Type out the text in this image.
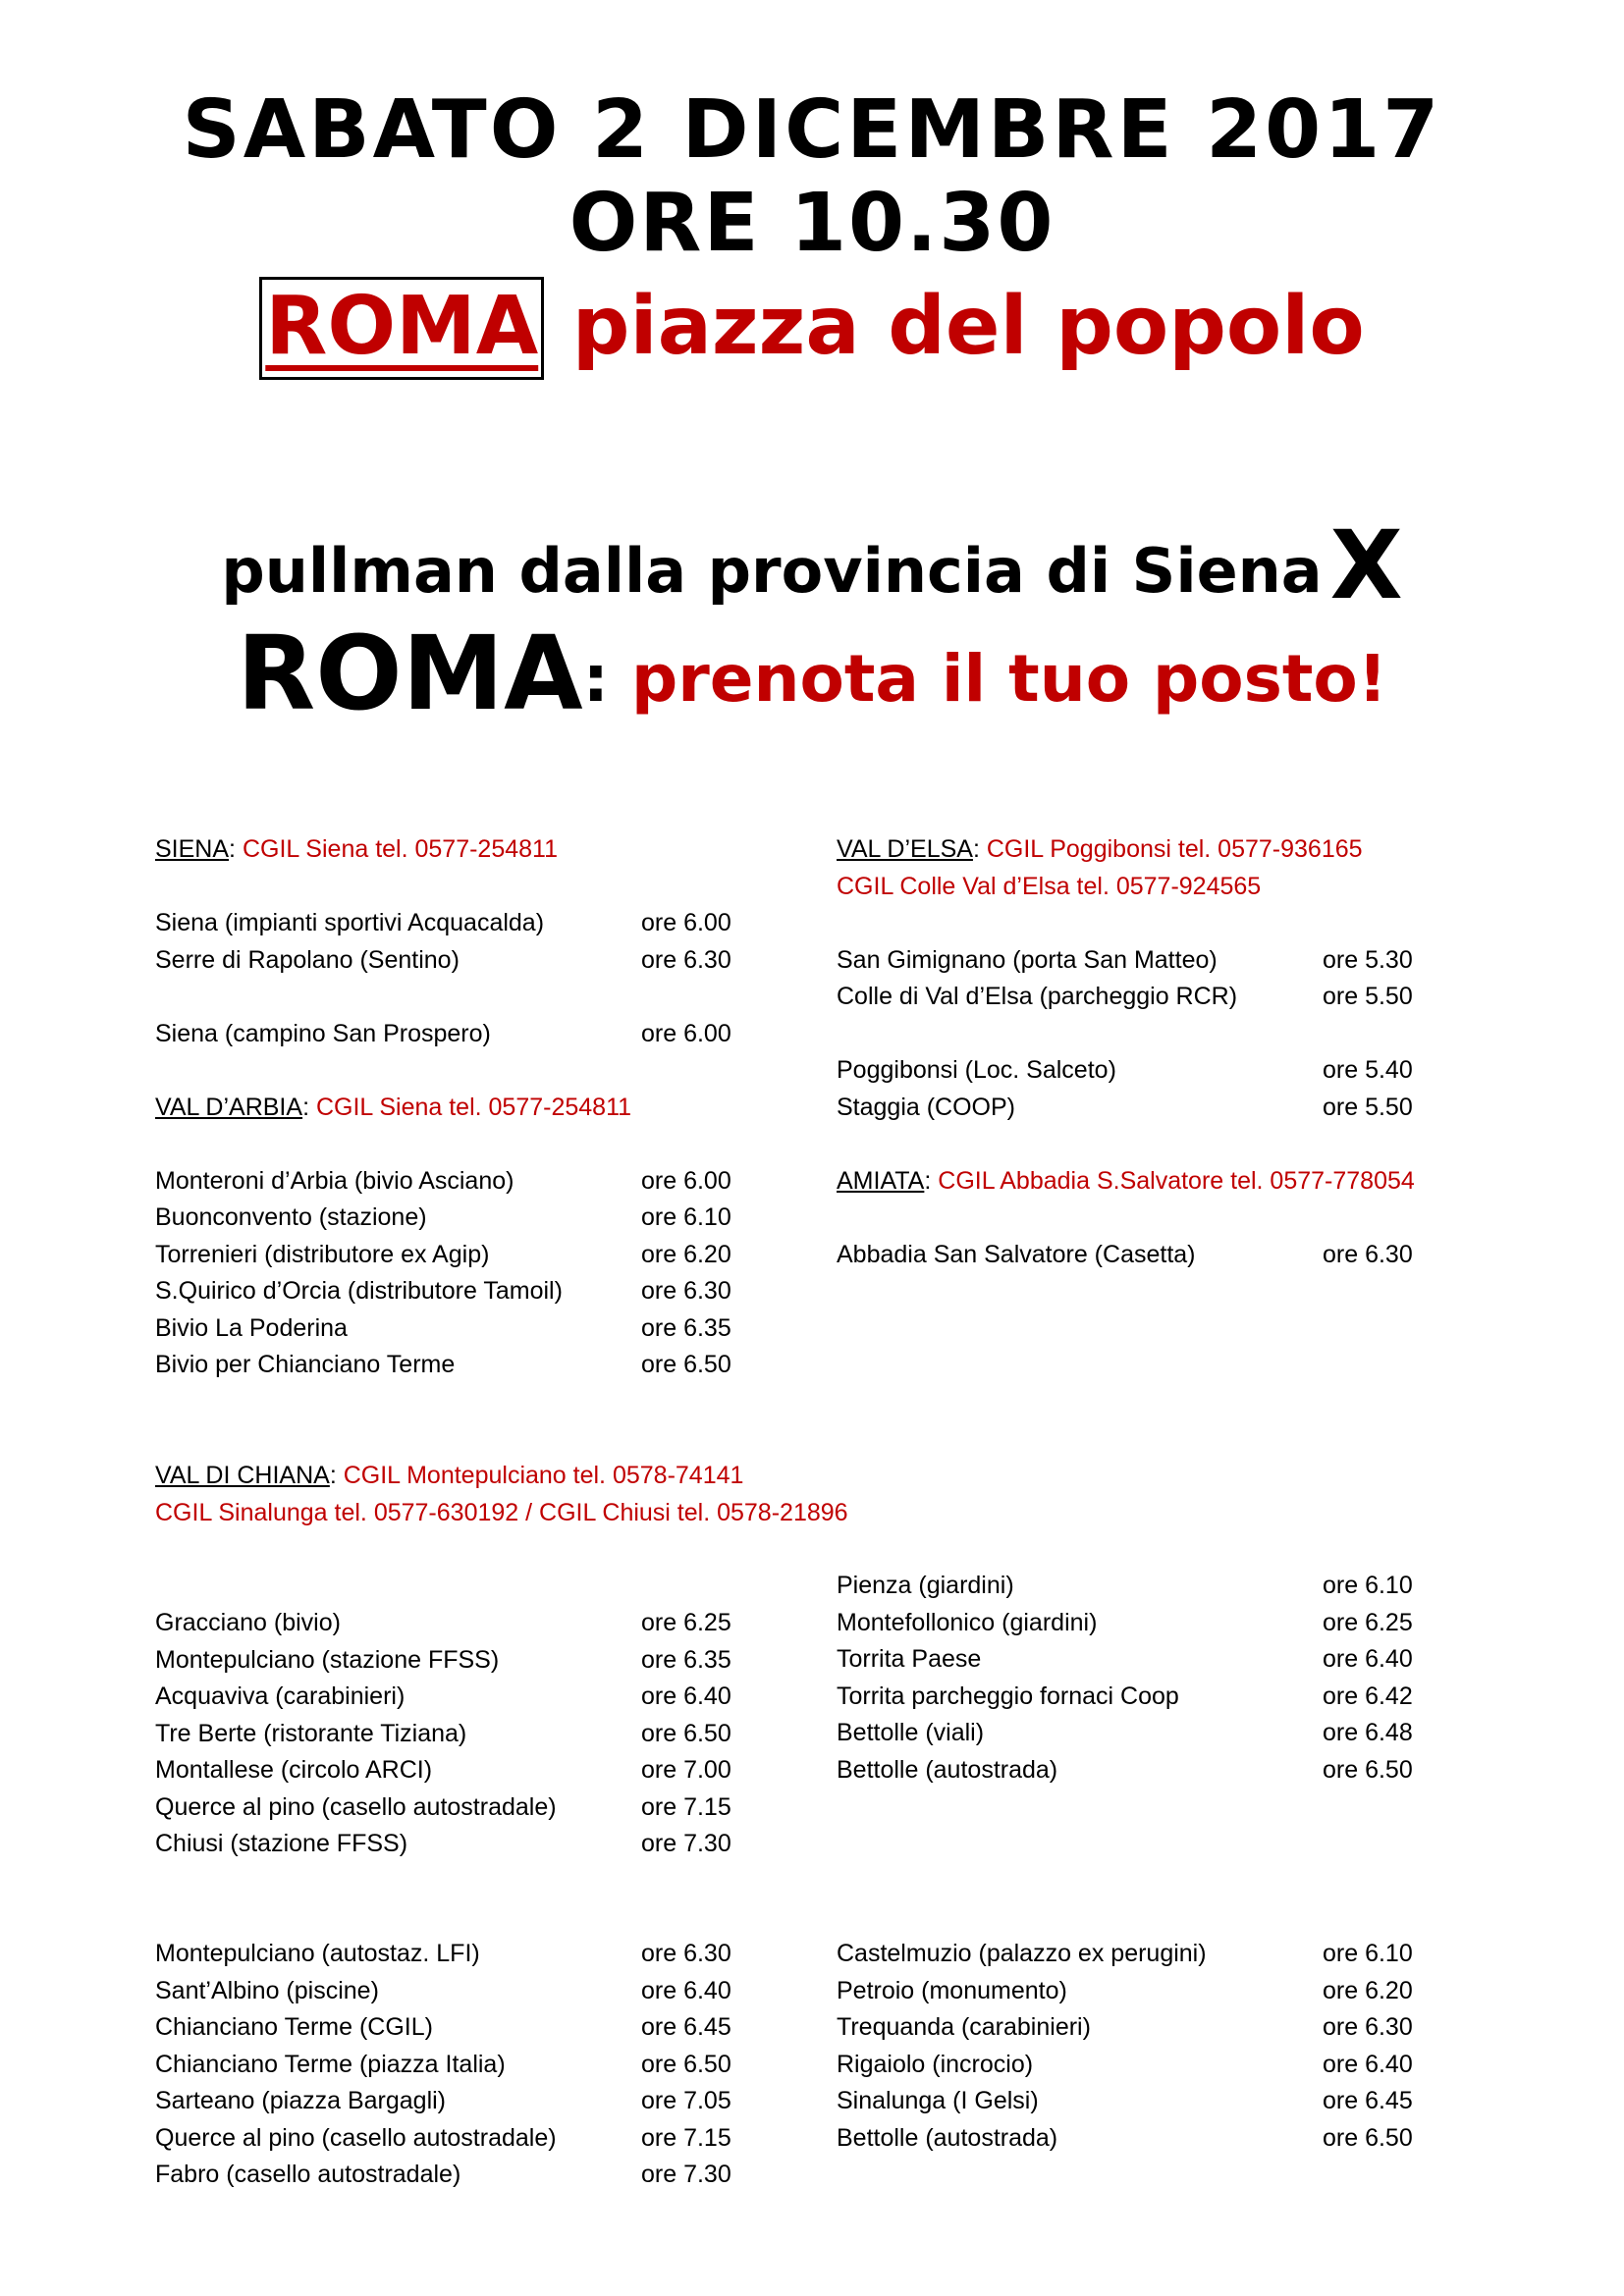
SABATO 2 DICEMBRE 2017
ORE 10.30
ROMA piazza del popolo
pullman dalla provincia di SienaX
ROMA: prenota il tuo posto!
SIENA: CGIL Siena tel. 0577-254811
Siena (impianti sportivi Acquacalda)	ore 6.00
Serre di Rapolano (Sentino)	ore 6.30
Siena (campino San Prospero)	ore 6.00
VAL D’ARBIA: CGIL Siena tel. 0577-254811
Monteroni d’Arbia (bivio Asciano)	ore 6.00
Buonconvento (stazione)	ore 6.10
Torrenieri (distributore ex Agip)	ore 6.20
S.Quirico d’Orcia (distributore Tamoil)	ore 6.30
Bivio La Poderina	ore 6.35
Bivio per Chianciano Terme	ore 6.50
VAL D’ELSA: CGIL Poggibonsi tel. 0577-936165
CGIL Colle Val d’Elsa tel. 0577-924565
San Gimignano (porta San Matteo)	ore 5.30
Colle di Val d’Elsa (parcheggio RCR)	ore 5.50
Poggibonsi (Loc. Salceto)	ore 5.40
Staggia (COOP)	ore 5.50
AMIATA: CGIL Abbadia S.Salvatore tel. 0577-778054
Abbadia San Salvatore (Casetta)	ore 6.30
VAL DI CHIANA: CGIL Montepulciano tel. 0578-74141
CGIL Sinalunga tel. 0577-630192 / CGIL Chiusi tel. 0578-21896
Gracciano (bivio)	ore 6.25
Montepulciano (stazione FFSS)	ore 6.35
Acquaviva (carabinieri)	ore 6.40
Tre Berte (ristorante Tiziana)	ore 6.50
Montallese (circolo ARCI)	ore 7.00
Querce al pino (casello autostradale)	ore 7.15
Chiusi (stazione FFSS)	ore 7.30
Pienza (giardini)	ore 6.10
Montefollonico (giardini)	ore 6.25
Torrita Paese	ore 6.40
Torrita parcheggio fornaci Coop	ore 6.42
Bettolle (viali)	ore 6.48
Bettolle (autostrada)	ore 6.50
Montepulciano (autostaz. LFI)	ore 6.30
Sant’Albino (piscine)	ore 6.40
Chianciano Terme (CGIL)	ore 6.45
Chianciano Terme (piazza Italia)	ore 6.50
Sarteano (piazza Bargagli)	ore 7.05
Querce al pino (casello autostradale)	ore 7.15
Fabro (casello autostradale)	ore 7.30
Castelmuzio (palazzo ex perugini)	ore 6.10
Petroio (monumento)	ore 6.20
Trequanda (carabinieri)	ore 6.30
Rigaiolo (incrocio)	ore 6.40
Sinalunga (I Gelsi)	ore 6.45
Bettolle (autostrada)	ore 6.50
